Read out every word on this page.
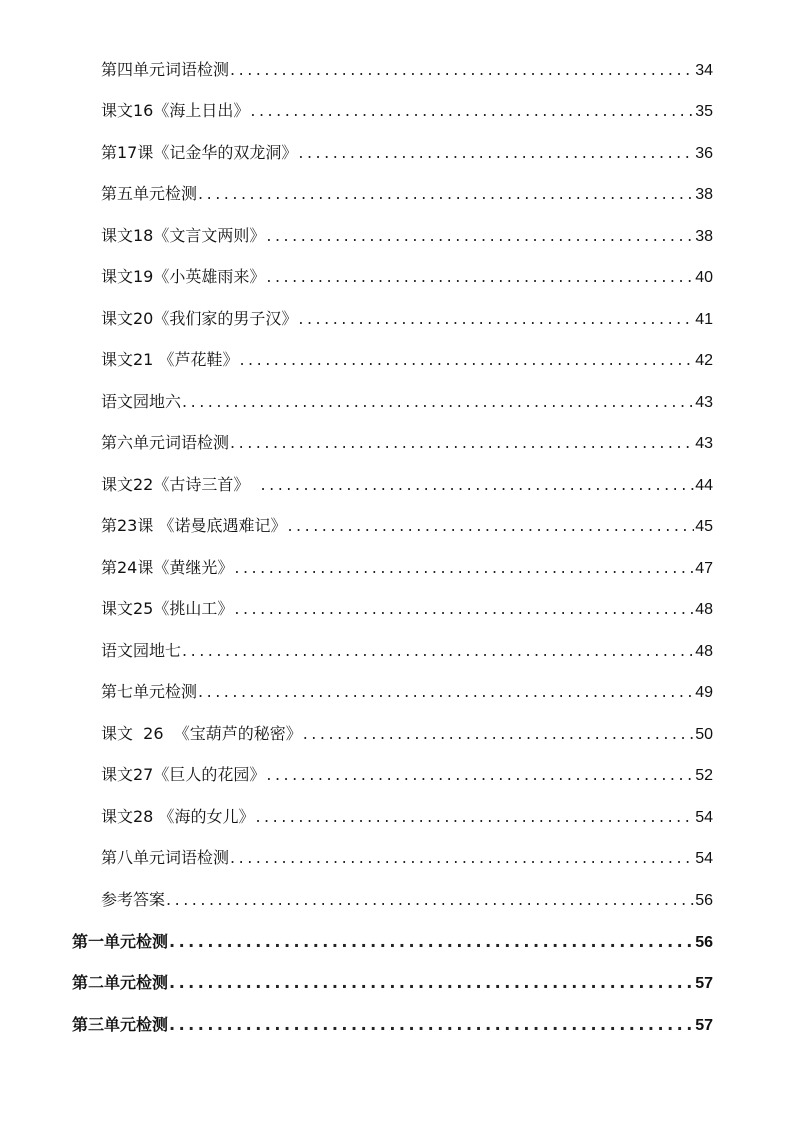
第四单元词语检测 .....	34
课文16《海上日出》 .....	35
第17课《记金华的双龙洞》 .....	36
第五单元检测 .....	38
课文18《文言文两则》 .....	38
课文19《小英雄雨来》 .....	40
课文20《我们家的男子汉》 .....	41
课文21 《芦花鞋》 .....	42
语文园地六 .....	43
第六单元词语检测 .....	43
课文22《古诗三首》 .....	44
第23课 《诺曼底遇难记》 .....	45
第24课《黄继光》 .....	47
课文25《挑山工》 .....	48
语文园地七 .....	48
第七单元检测 .....	49
课文  26  《宝葫芦的秘密》 .....	50
课文27《巨人的花园》 .....	52
课文28 《海的女儿》 .....	54
第八单元词语检测 .....	54
参考答案 .....	56
第一单元检测 .....	56
第二单元检测 .....	57
第三单元检测 .....	57
